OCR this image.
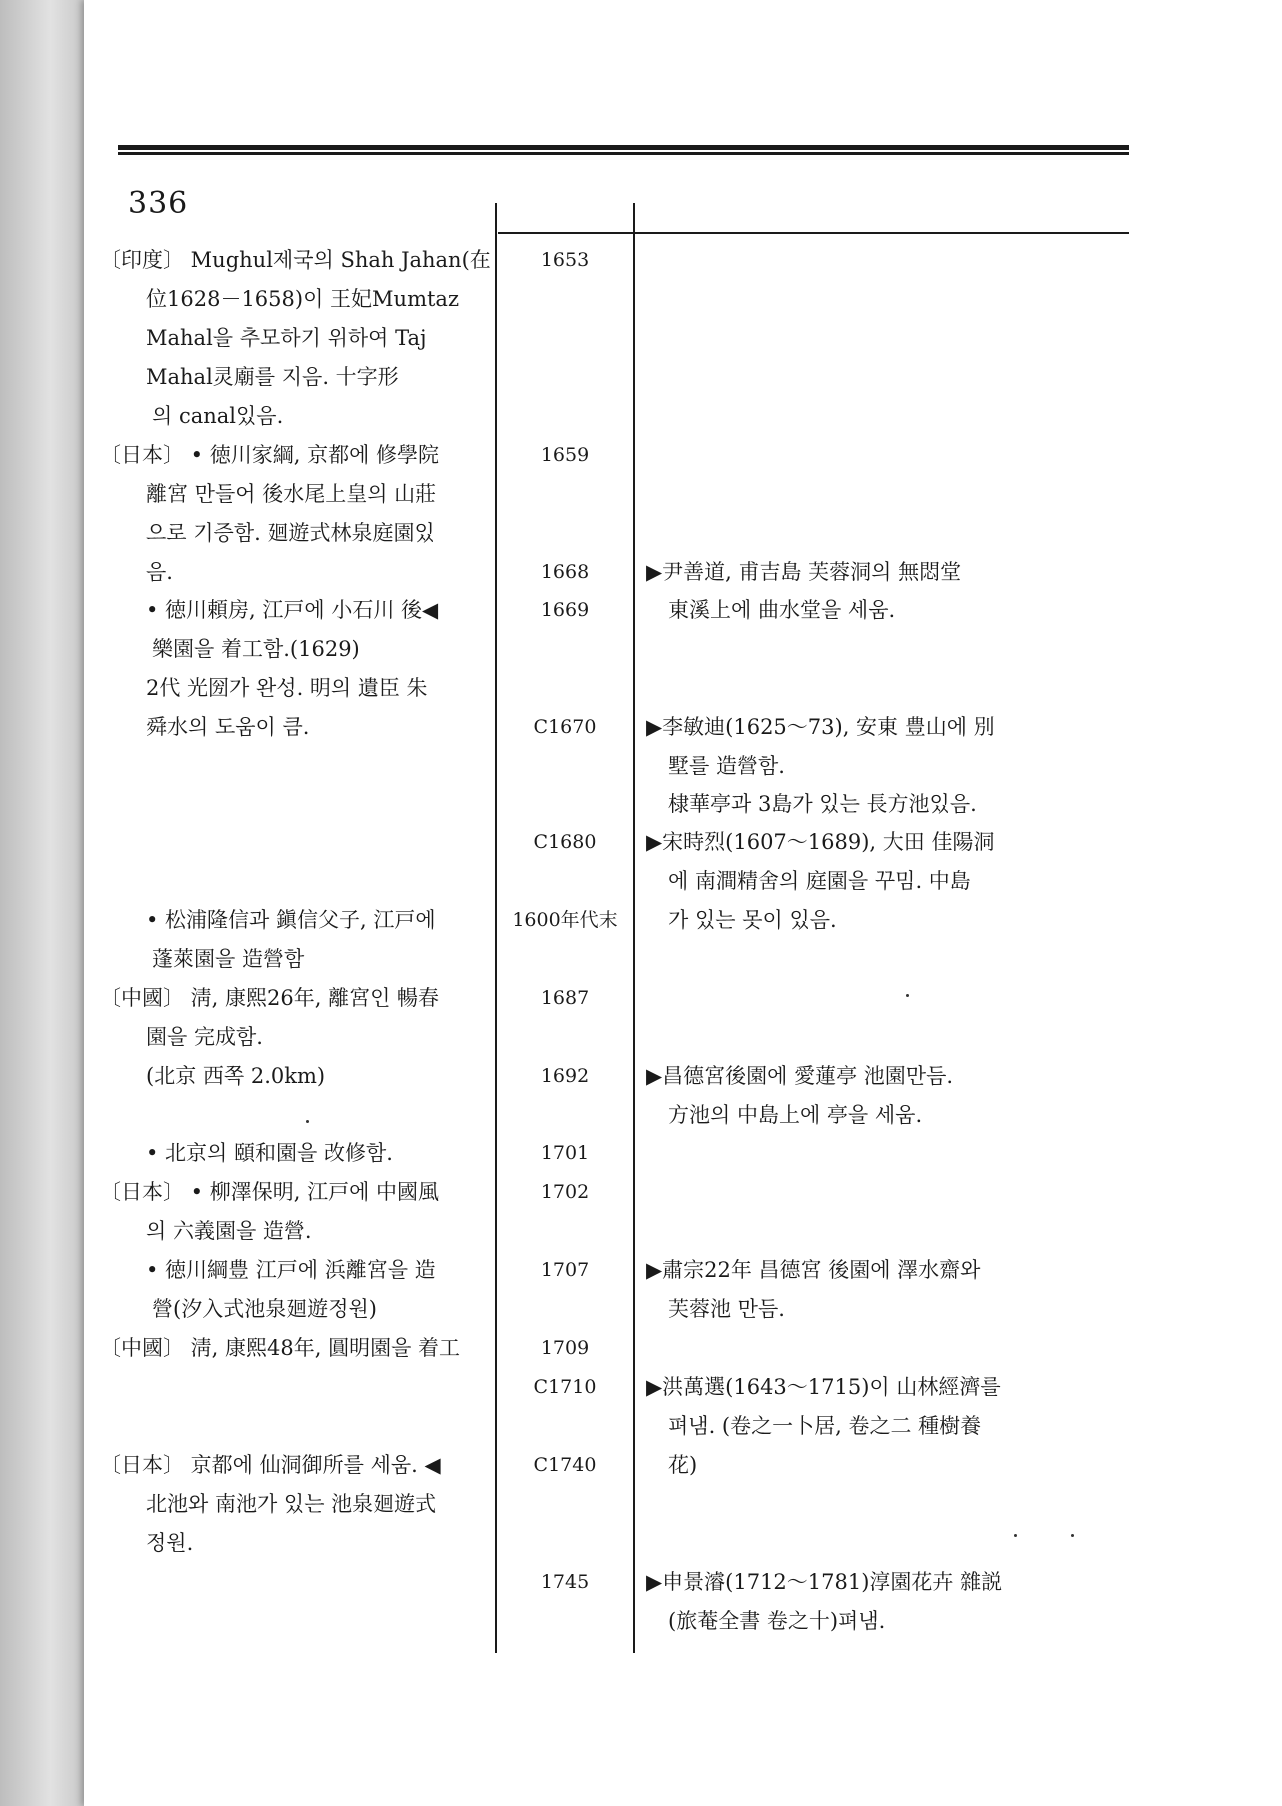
336
〔印度〕 Mughul제국의 Shah Jahan(在
位1628－1658)이 王妃Mumtaz
Mahal을 추모하기 위하여 Taj
Mahal灵廟를 지음. 十字形
의 canal있음.
〔日本〕 • 徳川家綱, 京都에 修學院
離宮 만들어 後水尾上皇의 山莊
으로 기증함. 廻遊式林泉庭園있
음.
• 徳川頼房, 江戸에 小石川 後◀
樂園을 着工함.(1629)
2代 光圀가 완성. 明의 遺臣 朱
舜水의 도움이 큼.
• 松浦隆信과 鎭信父子, 江戸에
蓬萊園을 造營함
〔中國〕 淸, 康熙26年, 離宮인 暢春
園을 完成함.
(北京 西쪽 2.0km)
• 北京의 頤和園을 改修함.
〔日本〕 • 柳澤保明, 江戸에 中國風
의 六義園을 造營.
• 徳川綱豊 江戸에 浜離宮을 造
營(汐入式池泉廻遊정원)
〔中國〕 淸, 康熙48年, 圓明園을 着工
〔日本〕 京都에 仙洞御所를 세움. ◀
北池와 南池가 있는 池泉廻遊式
정원.
1653
1659
1668
1669
C1670
C1680
1600年代末
1687
1692
1701
1702
1707
1709
C1710
C1740
1745
▶尹善道, 甫吉島 芙蓉洞의 無悶堂
東溪上에 曲水堂을 세움.
▶李敏迪(1625～73), 安東 豊山에 別
墅를 造營함.
棣華亭과 3島가 있는 長方池있음.
▶宋時烈(1607～1689), 大田 佳陽洞
에 南澗精舍의 庭園을 꾸밈. 中島
가 있는 못이 있음.
▶昌德宮後園에 愛蓮亭 池園만듬.
方池의 中島上에 亭을 세움.
▶肅宗22年 昌德宮 後園에 澤水齋와
芙蓉池 만듬.
▶洪萬選(1643～1715)이 山林經濟를
펴냄. (卷之一卜居, 卷之二 種樹養
花)
▶申景濬(1712～1781)淳園花卉 雜説
(旅菴全書 卷之十)펴냄.
